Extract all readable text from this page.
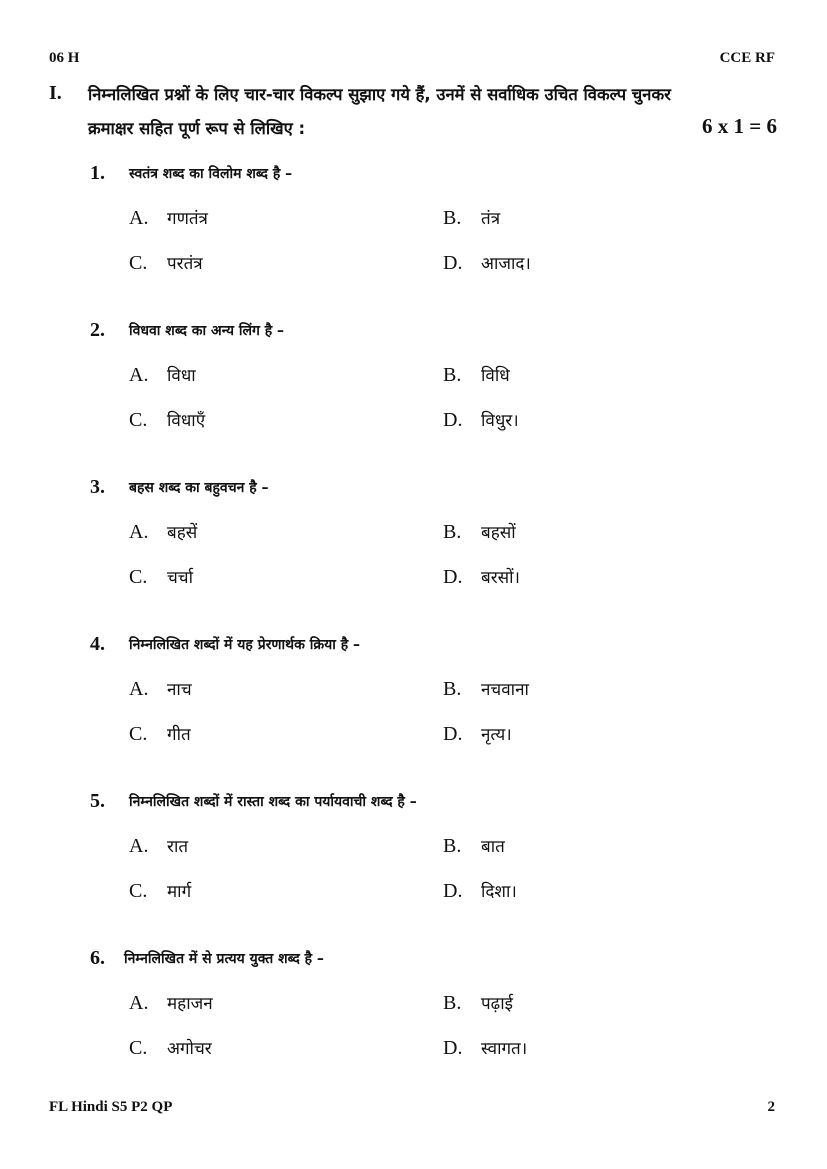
06 H	CCE RF
I. निम्नलिखित प्रश्नों के लिए चार-चार विकल्प सुझाए गये हैं, उनमें से सर्वाधिक उचित विकल्प चुनकर
क्रमाक्षर सहित पूर्ण रूप से लिखिए :	6 x 1 = 6
1. स्वतंत्र शब्द का विलोम शब्द है –
A. गणतंत्र	B. तंत्र
C. परतंत्र	D. आजाद।
2. विधवा शब्द का अन्य लिंग है –
A. विधा	B. विधि
C. विधाएँ	D. विधुर।
3. बहस शब्द का बहुवचन है –
A. बहसें	B. बहसों
C. चर्चा	D. बरसों।
4. निम्नलिखित शब्दों में यह प्रेरणार्थक क्रिया है –
A. नाच	B. नचवाना
C. गीत	D. नृत्य।
5. निम्नलिखित शब्दों में रास्ता शब्द का पर्यायवाची शब्द है –
A. रात	B. बात
C. मार्ग	D. दिशा।
6. निम्नलिखित में से प्रत्यय युक्त शब्द है –
A. महाजन	B. पढ़ाई
C. अगोचर	D. स्वागत।
FL Hindi S5 P2 QP	2
